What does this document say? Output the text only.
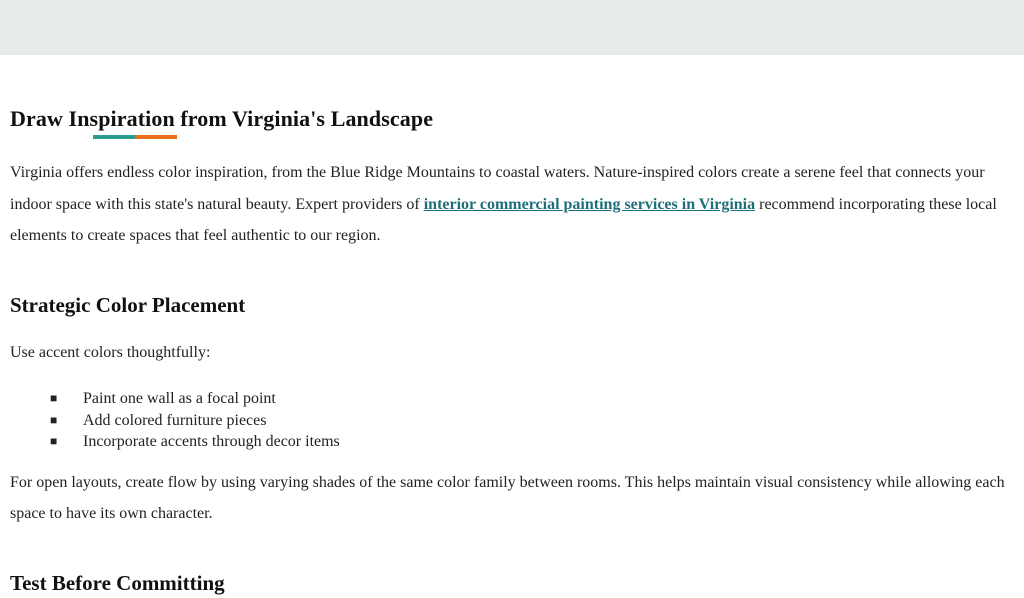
Draw Inspiration from Virginia's Landscape

Virginia offers endless color inspiration, from the Blue Ridge Mountains to coastal waters. Nature-inspired colors create a serene feel that connects your indoor space with this state's natural beauty. Expert providers of interior commercial painting services in Virginia recommend incorporating these local elements to create spaces that feel authentic to our region.

Strategic Color Placement

Use accent colors thoughtfully:

■ Paint one wall as a focal point
■ Add colored furniture pieces
■ Incorporate accents through decor items

For open layouts, create flow by using varying shades of the same color family between rooms. This helps maintain visual consistency while allowing each space to have its own character.

Test Before Committing
